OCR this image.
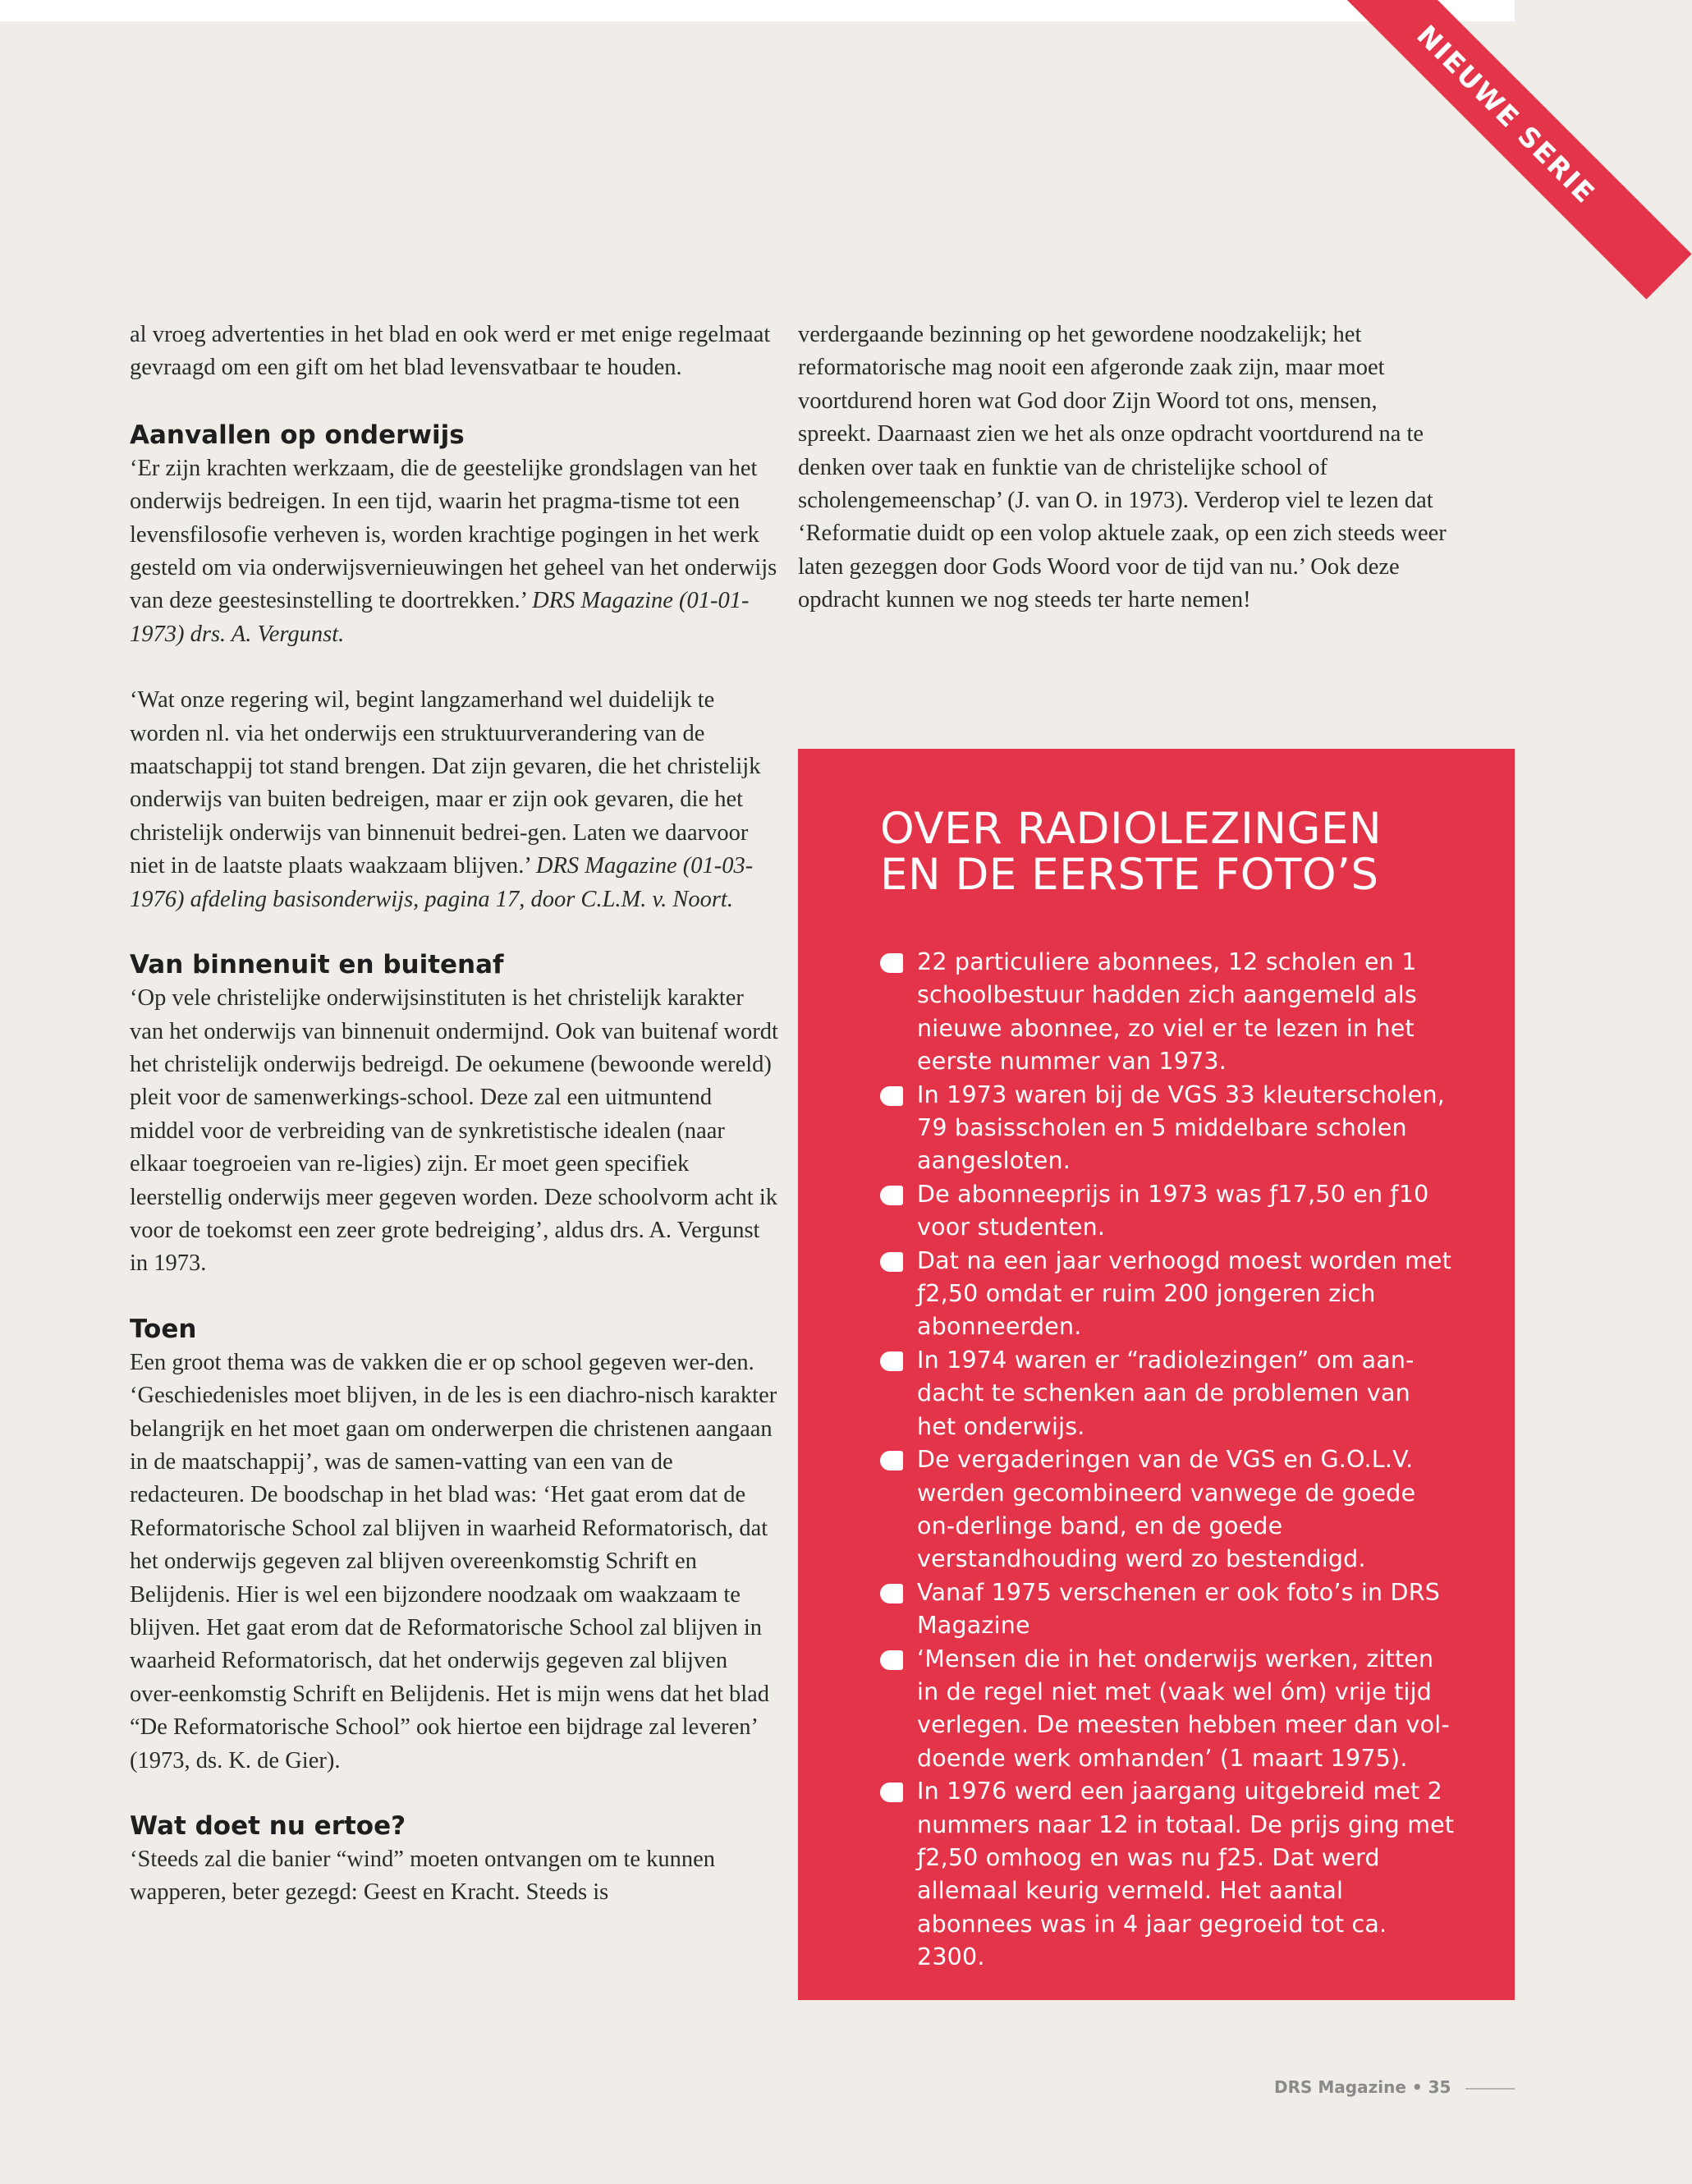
NIEUWE SERIE

al vroeg advertenties in het blad en ook werd er met enige regelmaat gevraagd om een gift om het blad levensvatbaar te houden.

Aanvallen op onderwijs

‘Er zijn krachten werkzaam, die de geestelijke grondslagen van het onderwijs bedreigen. In een tijd, waarin het pragma-tisme tot een levensfilosofie verheven is, worden krachtige pogingen in het werk gesteld om via onderwijsvernieuwingen het geheel van het onderwijs van deze geestesinstelling te doortrekken.’ DRS Magazine (01-01-1973) drs. A. Vergunst.

‘Wat onze regering wil, begint langzamerhand wel duidelijk te worden nl. via het onderwijs een struktuurverandering van de maatschappij tot stand brengen. Dat zijn gevaren, die het christelijk onderwijs van buiten bedreigen, maar er zijn ook gevaren, die het christelijk onderwijs van binnenuit bedrei-gen. Laten we daarvoor niet in de laatste plaats waakzaam blijven.’ DRS Magazine (01-03-1976) afdeling basisonderwijs, pagina 17, door C.L.M. v. Noort.

Van binnenuit en buitenaf

‘Op vele christelijke onderwijsinstituten is het christelijk karakter van het onderwijs van binnenuit ondermijnd. Ook van buitenaf wordt het christelijk onderwijs bedreigd. De oekumene (bewoonde wereld) pleit voor de samenwerkings-school. Deze zal een uitmuntend middel voor de verbreiding van de synkretistische idealen (naar elkaar toegroeien van re-ligies) zijn. Er moet geen specifiek leerstellig onderwijs meer gegeven worden. Deze schoolvorm acht ik voor de toekomst een zeer grote bedreiging’, aldus drs. A. Vergunst in 1973.

Toen

Een groot thema was de vakken die er op school gegeven wer-den. ‘Geschiedenisles moet blijven, in de les is een diachro-nisch karakter belangrijk en het moet gaan om onderwerpen die christenen aangaan in de maatschappij’, was de samen-vatting van een van de redacteuren. De boodschap in het blad was: ‘Het gaat erom dat de Reformatorische School zal blijven in waarheid Reformatorisch, dat het onderwijs gegeven zal blijven overeenkomstig Schrift en Belijdenis. Hier is wel een bijzondere noodzaak om waakzaam te blijven. Het gaat erom dat de Reformatorische School zal blijven in waarheid Reformatorisch, dat het onderwijs gegeven zal blijven over-eenkomstig Schrift en Belijdenis. Het is mijn wens dat het blad “De Reformatorische School” ook hiertoe een bijdrage zal leveren’ (1973, ds. K. de Gier).

Wat doet nu ertoe?

‘Steeds zal die banier “wind” moeten ontvangen om te kunnen wapperen, beter gezegd: Geest en Kracht. Steeds is

verdergaande bezinning op het gewordene noodzakelijk; het reformatorische mag nooit een afgeronde zaak zijn, maar moet voortdurend horen wat God door Zijn Woord tot ons, mensen, spreekt. Daarnaast zien we het als onze opdracht voortdurend na te denken over taak en funktie van de christelijke school of scholengemeenschap’ (J. van O. in 1973). Verderop viel te lezen dat ‘Reformatie duidt op een volop aktuele zaak, op een zich steeds weer laten gezeggen door Gods Woord voor de tijd van nu.’ Ook deze opdracht kunnen we nog steeds ter harte nemen!

OVER RADIOLEZINGEN EN DE EERSTE FOTO’S
22 particuliere abonnees, 12 scholen en 1 schoolbestuur hadden zich aangemeld als nieuwe abonnee, zo viel er te lezen in het eerste nummer van 1973.
In 1973 waren bij de VGS 33 kleuterscholen, 79 basisscholen en 5 middelbare scholen aangesloten.
De abonneeprijs in 1973 was ƒ17,50 en ƒ10 voor studenten.
Dat na een jaar verhoogd moest worden met ƒ2,50 omdat er ruim 200 jongeren zich abonneerden.
In 1974 waren er “radiolezingen” om aan-dacht te schenken aan de problemen van het onderwijs.
De vergaderingen van de VGS en G.O.L.V. werden gecombineerd vanwege de goede on-derlinge band, en de goede verstandhouding werd zo bestendigd.
Vanaf 1975 verschenen er ook foto’s in DRS Magazine
‘Mensen die in het onderwijs werken, zitten in de regel niet met (vaak wel óm) vrije tijd verlegen. De meesten hebben meer dan vol-doende werk omhanden’ (1 maart 1975).
In 1976 werd een jaargang uitgebreid met 2 nummers naar 12 in totaal. De prijs ging met ƒ2,50 omhoog en was nu ƒ25. Dat werd allemaal keurig vermeld. Het aantal abonnees was in 4 jaar gegroeid tot ca. 2300.
DRS Magazine • 35
